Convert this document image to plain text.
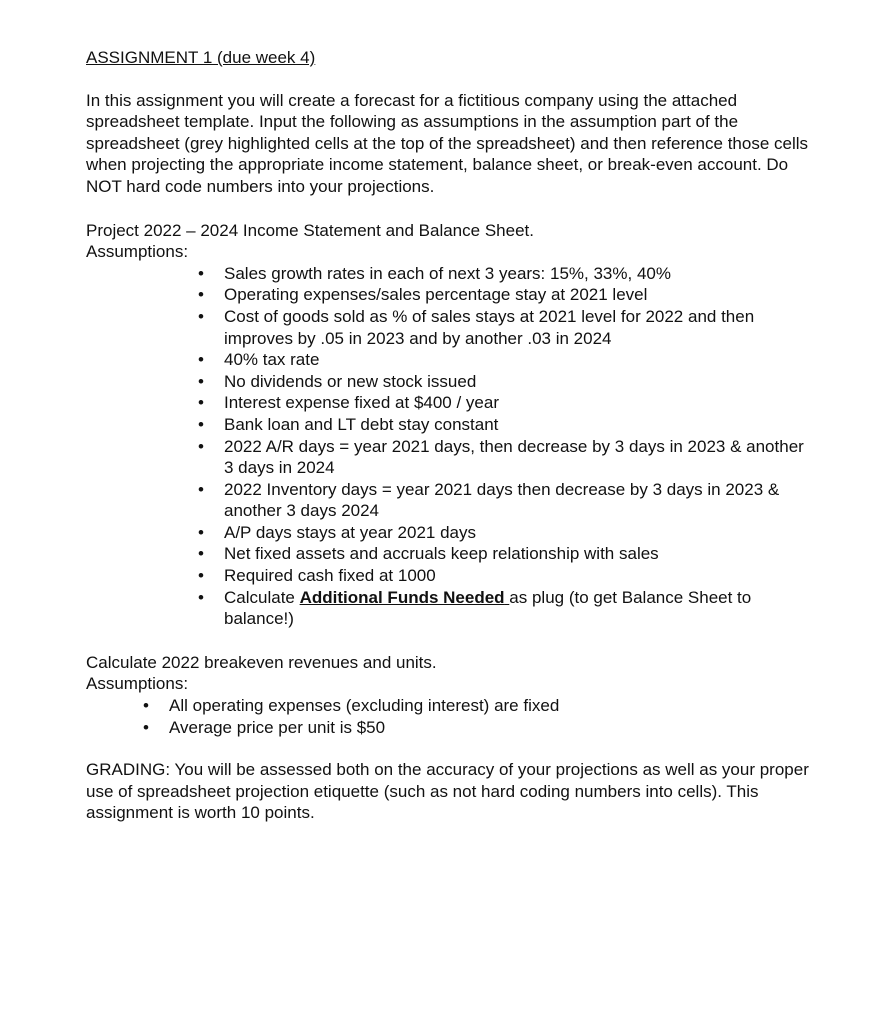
ASSIGNMENT 1 (due week 4)

In this assignment you will create a forecast for a fictitious company using the attached spreadsheet template. Input the following as assumptions in the assumption part of the spreadsheet (grey highlighted cells at the top of the spreadsheet) and then reference those cells when projecting the appropriate income statement, balance sheet, or break-even account. Do NOT hard code numbers into your projections.

Project 2022 – 2024 Income Statement and Balance Sheet.

Assumptions:

• Sales growth rates in each of next 3 years: 15%, 33%, 40%
• Operating expenses/sales percentage stay at 2021 level
• Cost of goods sold as % of sales stays at 2021 level for 2022 and then improves by .05 in 2023 and by another .03 in 2024
• 40% tax rate
• No dividends or new stock issued
• Interest expense fixed at $400 / year
• Bank loan and LT debt stay constant
• 2022 A/R days = year 2021 days, then decrease by 3 days in 2023 & another 3 days in 2024
• 2022 Inventory days = year 2021 days then decrease by 3 days in 2023 & another 3 days 2024
• A/P days stays at year 2021 days
• Net fixed assets and accruals keep relationship with sales
• Required cash fixed at 1000
• Calculate Additional Funds Needed as plug (to get Balance Sheet to balance!)

Calculate 2022 breakeven revenues and units.

Assumptions:

• All operating expenses (excluding interest) are fixed
• Average price per unit is $50

GRADING: You will be assessed both on the accuracy of your projections as well as your proper use of spreadsheet projection etiquette (such as not hard coding numbers into cells). This assignment is worth 10 points.
